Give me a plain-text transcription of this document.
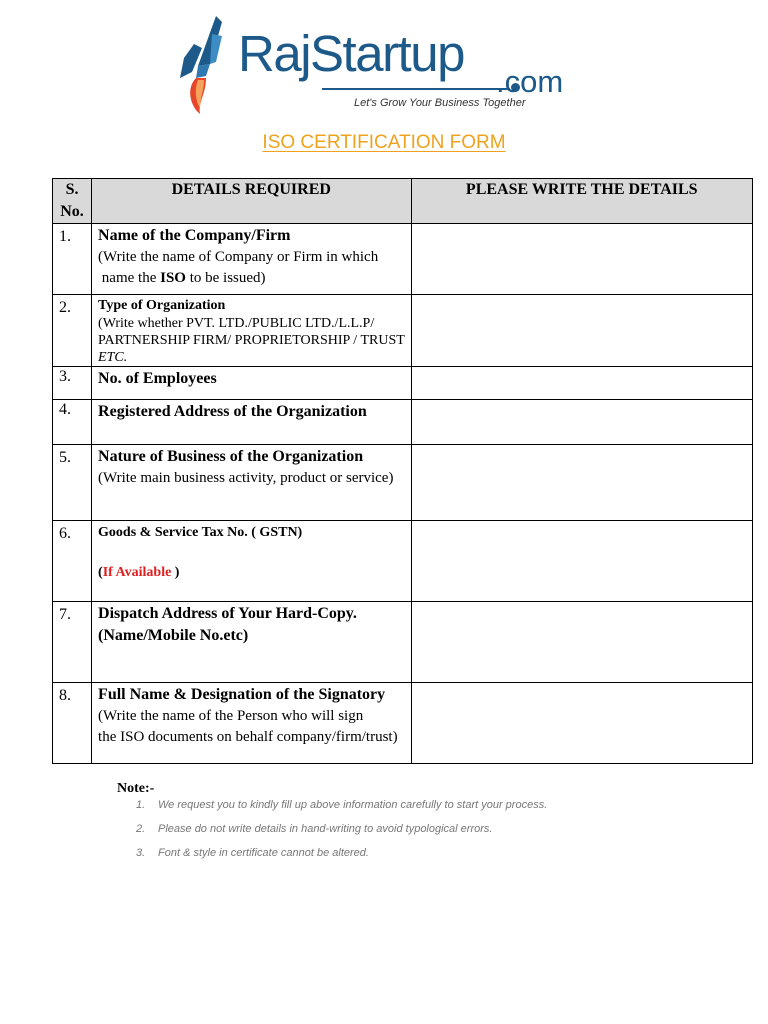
RajStartup .com
Let's Grow Your Business Together
ISO CERTIFICATION FORM
S. No.	DETAILS REQUIRED	PLEASE WRITE THE DETAILS
1.	Name of the Company/Firm
(Write the name of Company or Firm in which
name the ISO to be issued)	

2.	Type of Organization
(Write whether PVT. LTD./PUBLIC LTD./L.L.P/ PARTNERSHIP FIRM/ PROPRIETORSHIP / TRUST ETC.	

3.	No. of Employees	

4.	Registered Address of the Organization	

5.	Nature of Business of the Organization
(Write main business activity, product or service)	

6.	Goods & Service Tax No. ( GSTN)
(If Available )	

7.	Dispatch Address of Your Hard-Copy.
(Name/Mobile No.etc)	

8.	Full Name & Designation of the Signatory
(Write the name of the Person who will sign
the ISO documents on behalf company/firm/trust)	

Note:-
1. We request you to kindly fill up above information carefully to start your process.
2. Please do not write details in hand-writing to avoid typological errors.
3. Font & style in certificate cannot be altered.
